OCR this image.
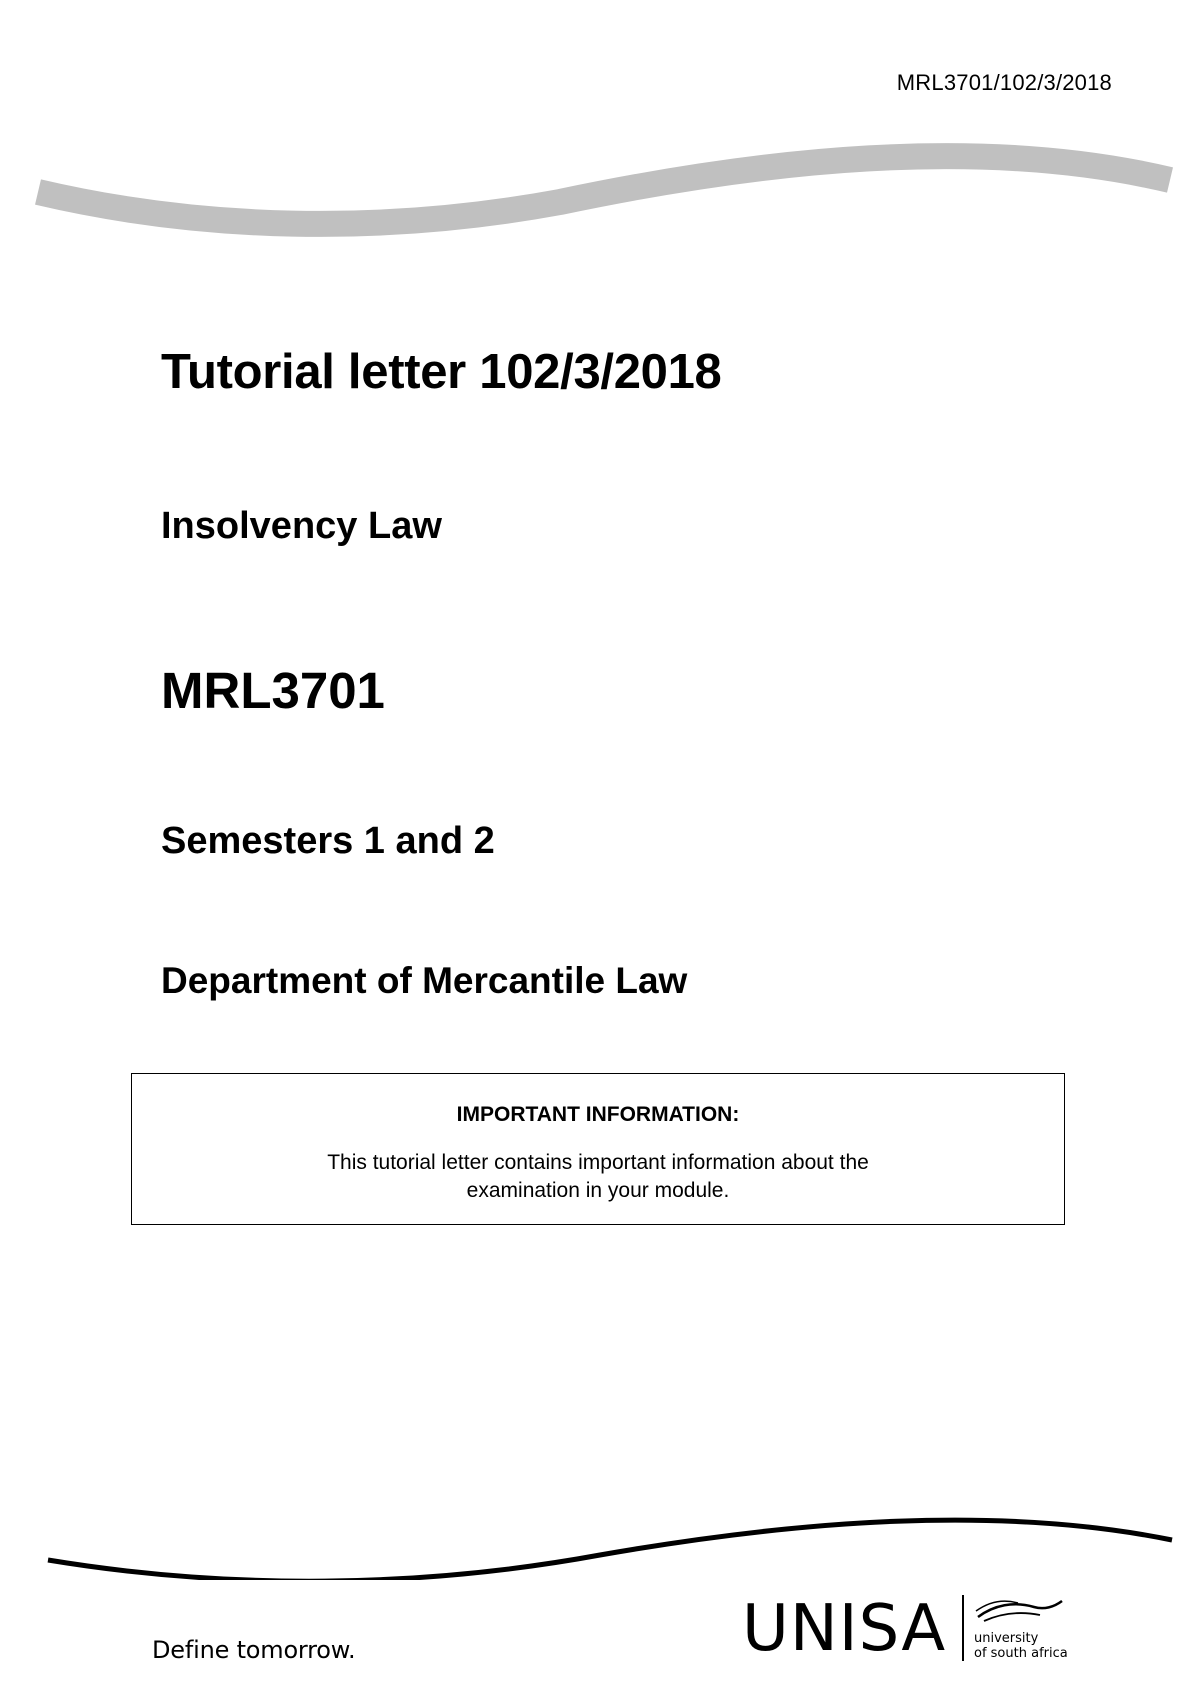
MRL3701/102/3/2018
Tutorial letter 102/3/2018
Insolvency Law
MRL3701
Semesters 1 and 2
Department of Mercantile Law

IMPORTANT INFORMATION:

This tutorial letter contains important information about the examination in your module.

Define tomorrow.	UNISA university
of south africa
